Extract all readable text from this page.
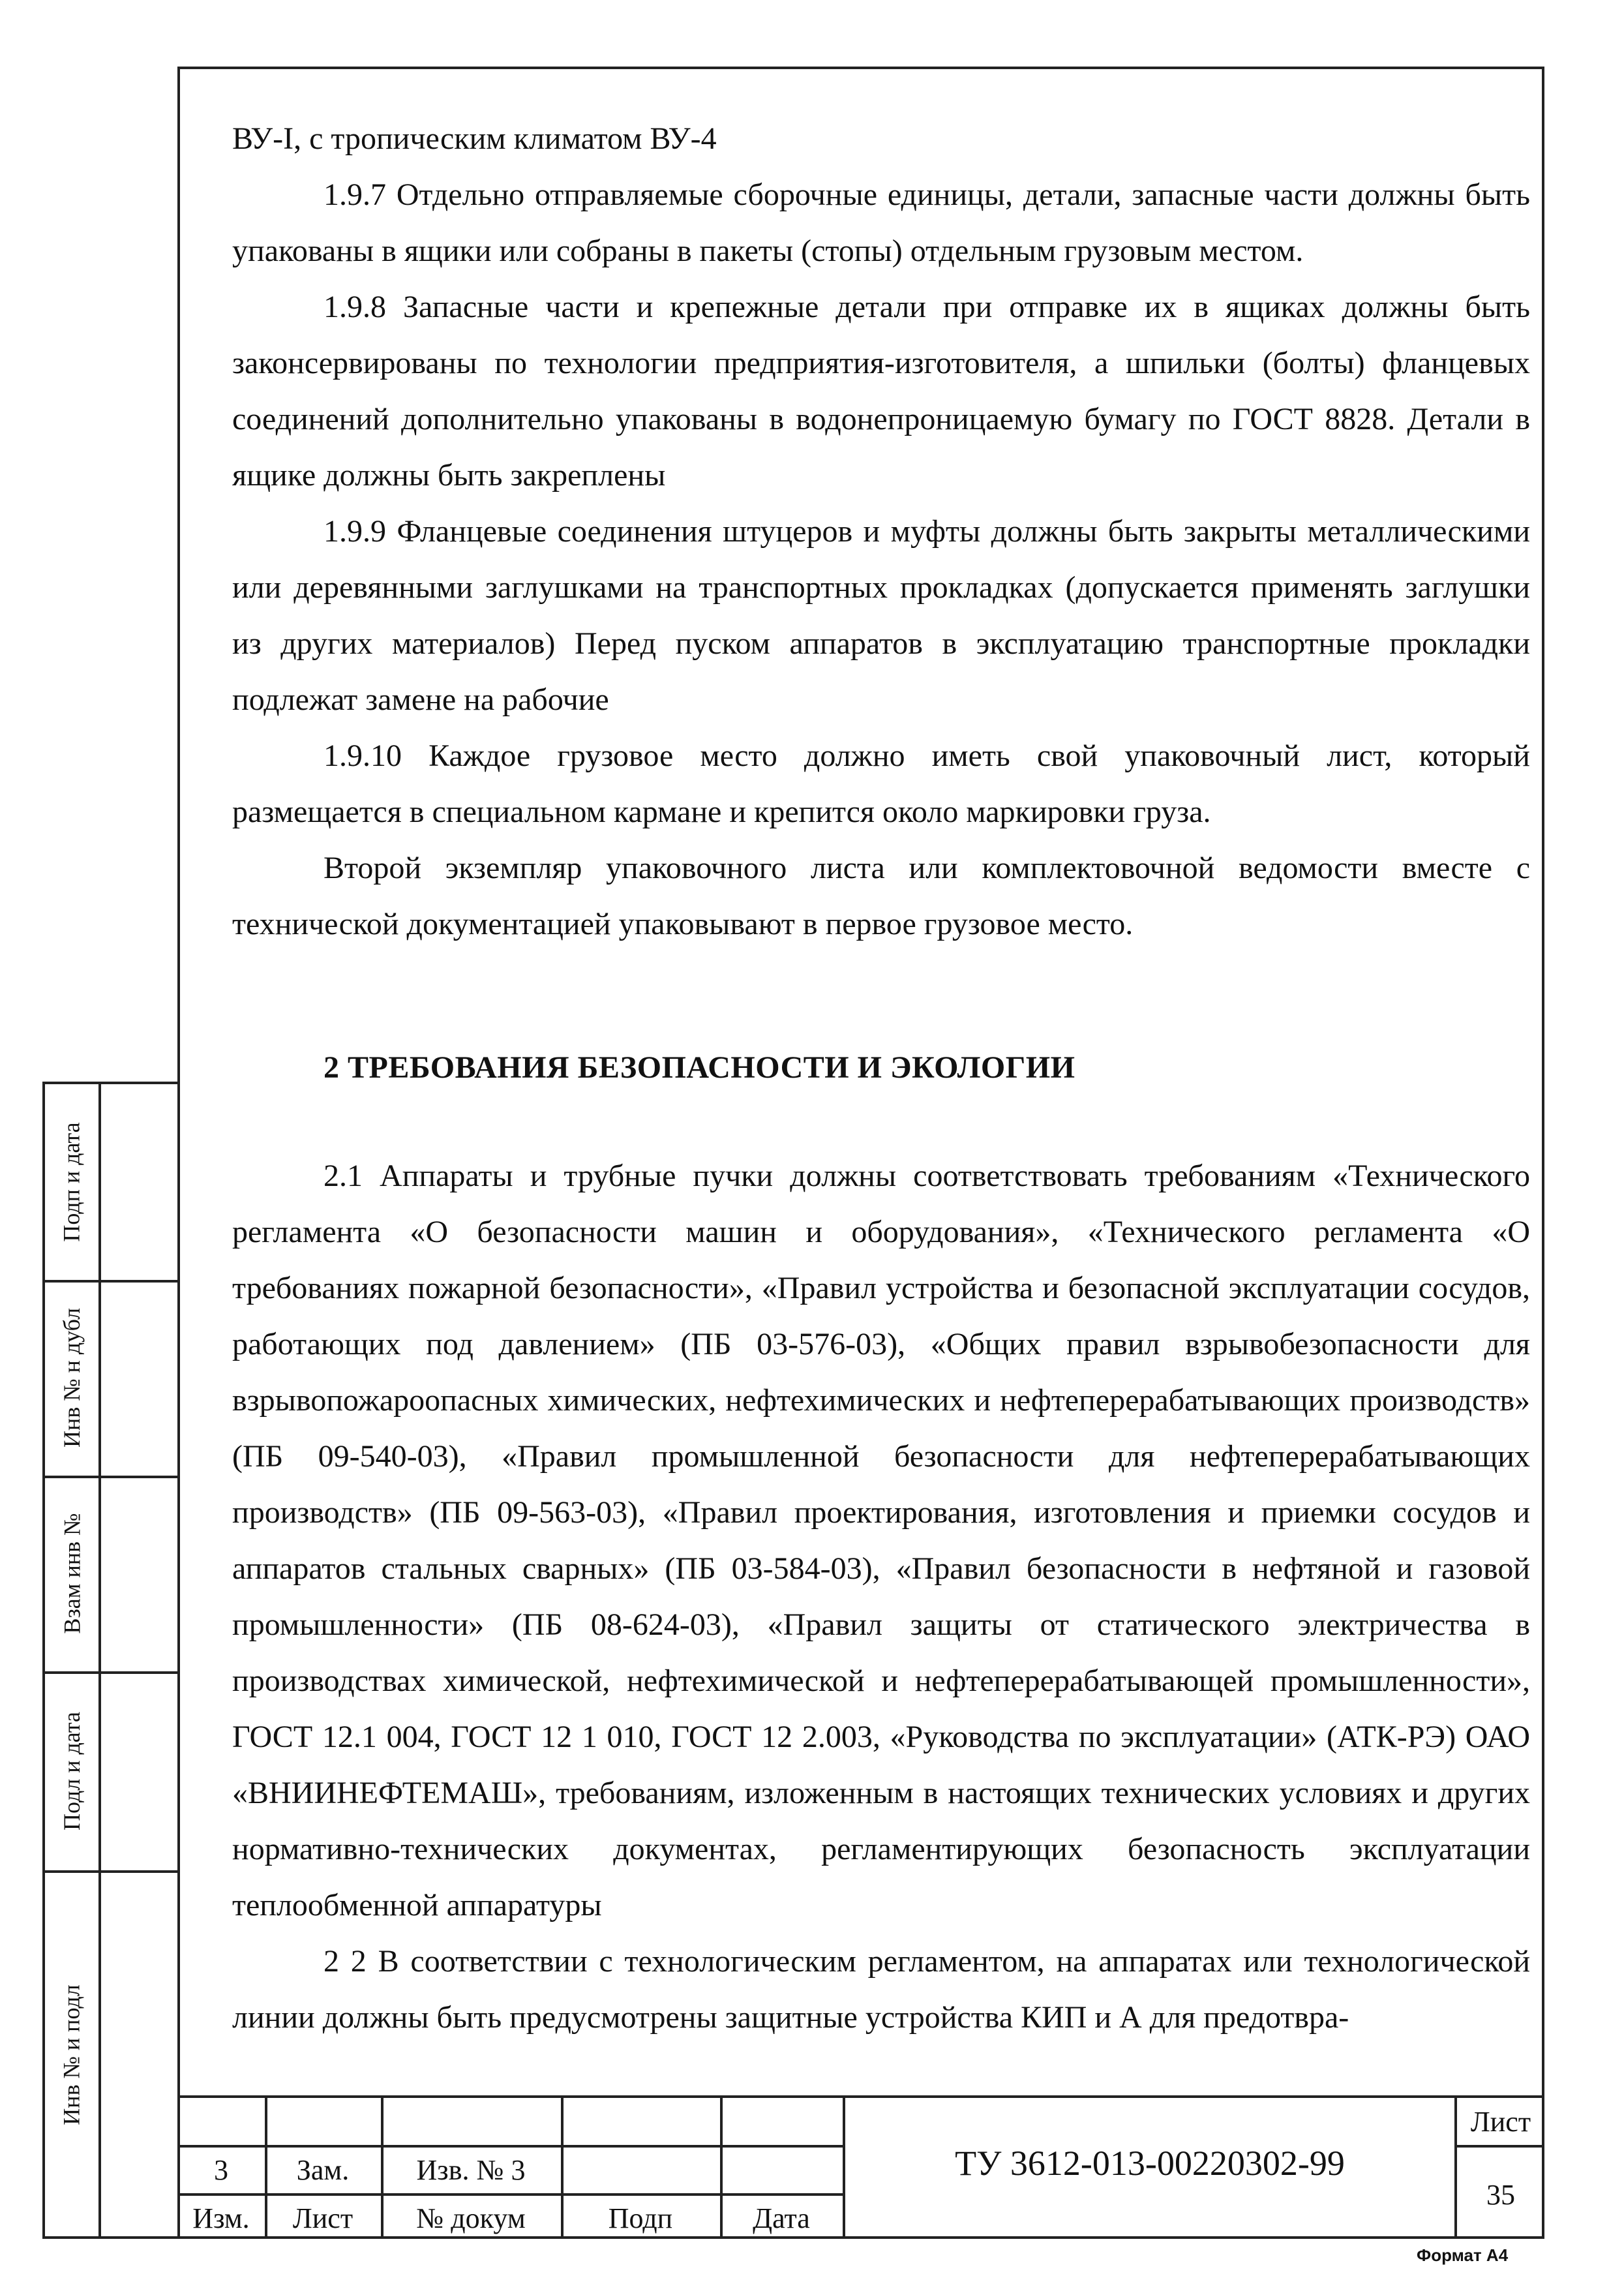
ВУ-I, с тропическим климатом ВУ-4

1.9.7 Отдельно отправляемые сборочные единицы, детали, запасные части должны быть упакованы в ящики или собраны в пакеты (стопы) отдельным грузовым местом.

1.9.8 Запасные части и крепежные детали при отправке их в ящиках должны быть законсервированы по технологии предприятия-изготовителя, а шпильки (болты) фланцевых соединений дополнительно упакованы в водонепроницаемую бумагу по ГОСТ 8828. Детали в ящике должны быть закреплены

1.9.9 Фланцевые соединения штуцеров и муфты должны быть закрыты металлическими или деревянными заглушками на транспортных прокладках (допускается применять заглушки из других материалов) Перед пуском аппаратов в эксплуатацию транспортные прокладки подлежат замене на рабочие

1.9.10 Каждое грузовое место должно иметь свой упаковочный лист, который размещается в специальном кармане и крепится около маркировки груза.

Второй экземпляр упаковочного листа или комплектовочной ведомости вместе с технической документацией упаковывают в первое грузовое место.

2 ТРЕБОВАНИЯ БЕЗОПАСНОСТИ И ЭКОЛОГИИ

2.1 Аппараты и трубные пучки должны соответствовать требованиям «Технического регламента «О безопасности машин и оборудования», «Технического регламента «О требованиях пожарной безопасности», «Правил устройства и безопасной эксплуатации сосудов, работающих под давлением» (ПБ 03-576-03), «Общих правил взрывобезопасности для взрывопожароопасных химических, нефтехимических и нефтеперерабатывающих производств» (ПБ 09-540-03), «Правил промышленной безопасности для нефтеперерабатывающих производств» (ПБ 09-563-03), «Правил проектирования, изготовления и приемки сосудов и аппаратов стальных сварных» (ПБ 03-584-03), «Правил безопасности в нефтяной и газовой промышленности» (ПБ 08-624-03), «Правил защиты от статического электричества в производствах химической, нефтехимической и нефтеперерабатывающей промышленности», ГОСТ 12.1 004, ГОСТ 12 1 010, ГОСТ 12 2.003, «Руководства по эксплуатации» (АТК-РЭ) ОАО «ВНИИНЕФТЕМАШ», требованиям, изложенным в настоящих технических условиях и других нормативно-технических документах, регламентирующих безопасность эксплуатации теплообменной аппаратуры

2 2 В соответствии с технологическим регламентом, на аппаратах или технологической линии должны быть предусмотрены защитные устройства КИП и А для предотвра-

Подп и дата
Инв № н дубл
Взам инв №
Подл и дата
Инв № и подл
3	Зам.	Изв. № 3
Изм.	Лист	№ докум	Подп	Дата
ТУ 3612-013-00220302-99
Лист
35
Формат А4
